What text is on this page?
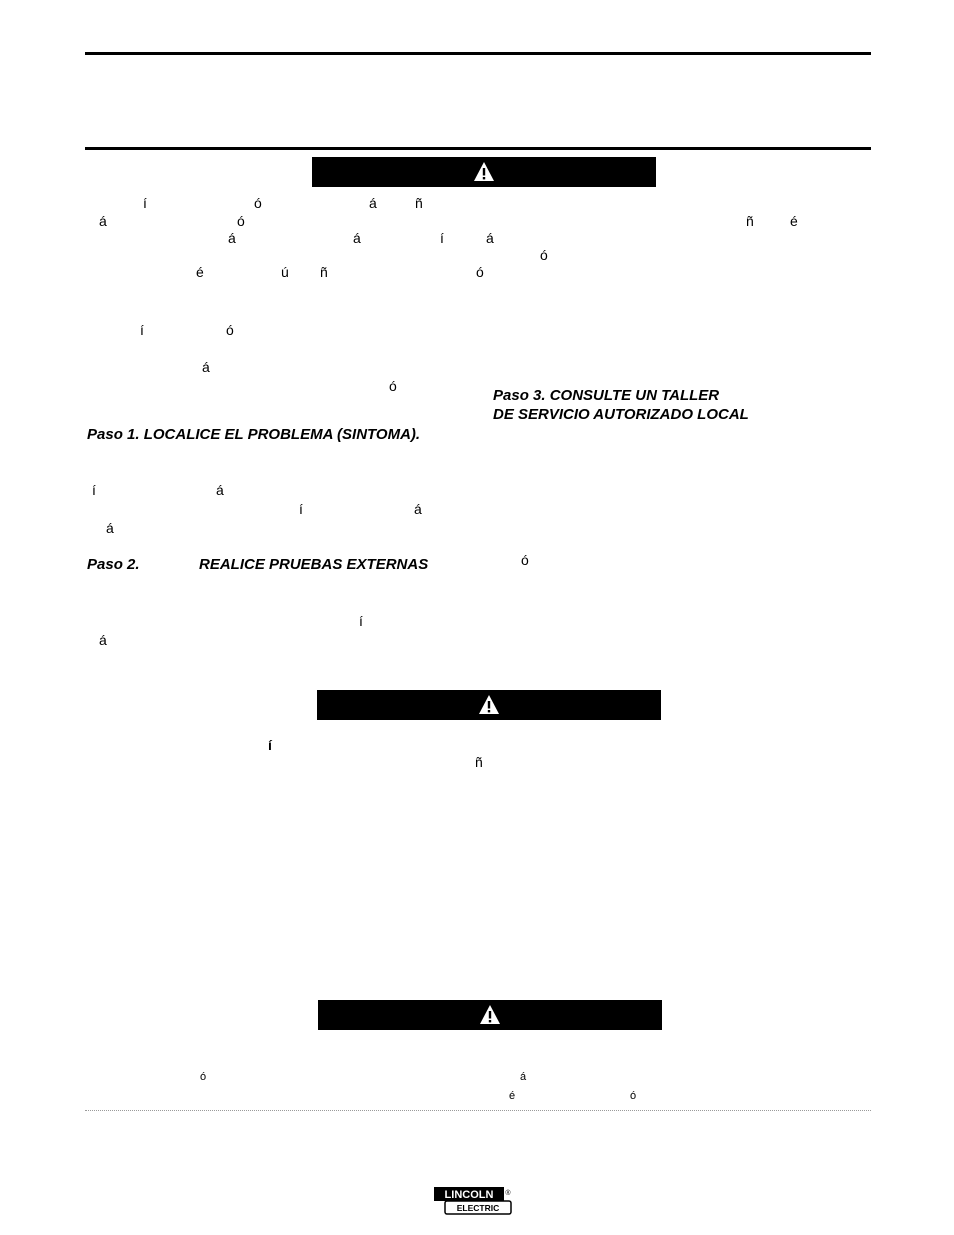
í	ó	á	ñ
á	ó
á	á	í	á
é	ú ñ	ó
í	ó
á
ó
ñ	é
ó
Paso 1. LOCALICE EL PROBLEMA (SINTOMA).
Paso 3. CONSULTE UN TALLER
DE SERVICIO AUTORIZADO LOCAL
í	á
í	á
á
Paso 2.	REALICE PRUEBAS EXTERNAS	ó
í
á
í
ñ
ó	á
é	ó
LINCOLN ®
ELECTRIC
